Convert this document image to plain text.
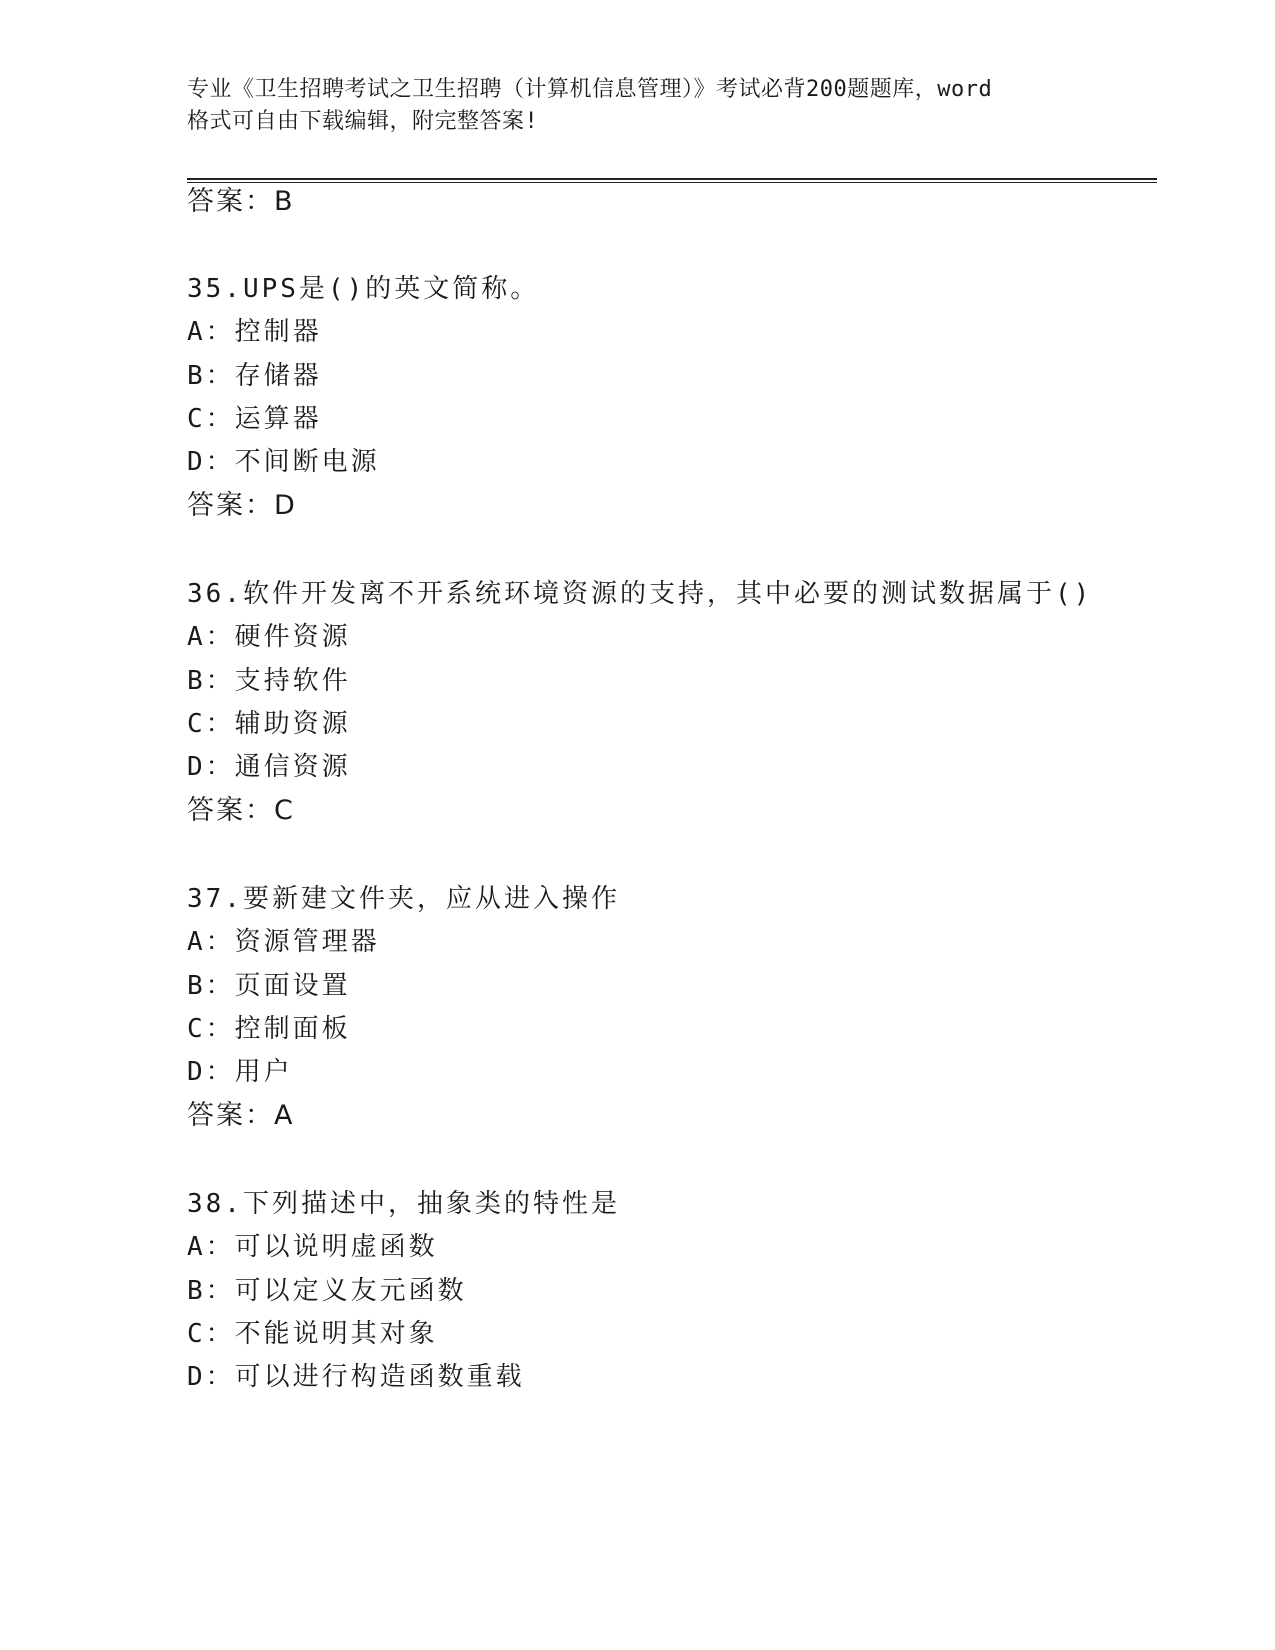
专业《卫生招聘考试之卫生招聘（计算机信息管理）》考试必背200题题库，word
格式可自由下载编辑，附完整答案!
答案：B
35.UPS是()的英文简称。
A：控制器
B：存储器
C：运算器
D：不间断电源
答案：D
36.软件开发离不开系统环境资源的支持，其中必要的测试数据属于()
A：硬件资源
B：支持软件
C：辅助资源
D：通信资源
答案：C
37.要新建文件夹，应从进入操作
A：资源管理器
B：页面设置
C：控制面板
D：用户
答案：A
38.下列描述中，抽象类的特性是
A：可以说明虚函数
B：可以定义友元函数
C：不能说明其对象
D：可以进行构造函数重载
